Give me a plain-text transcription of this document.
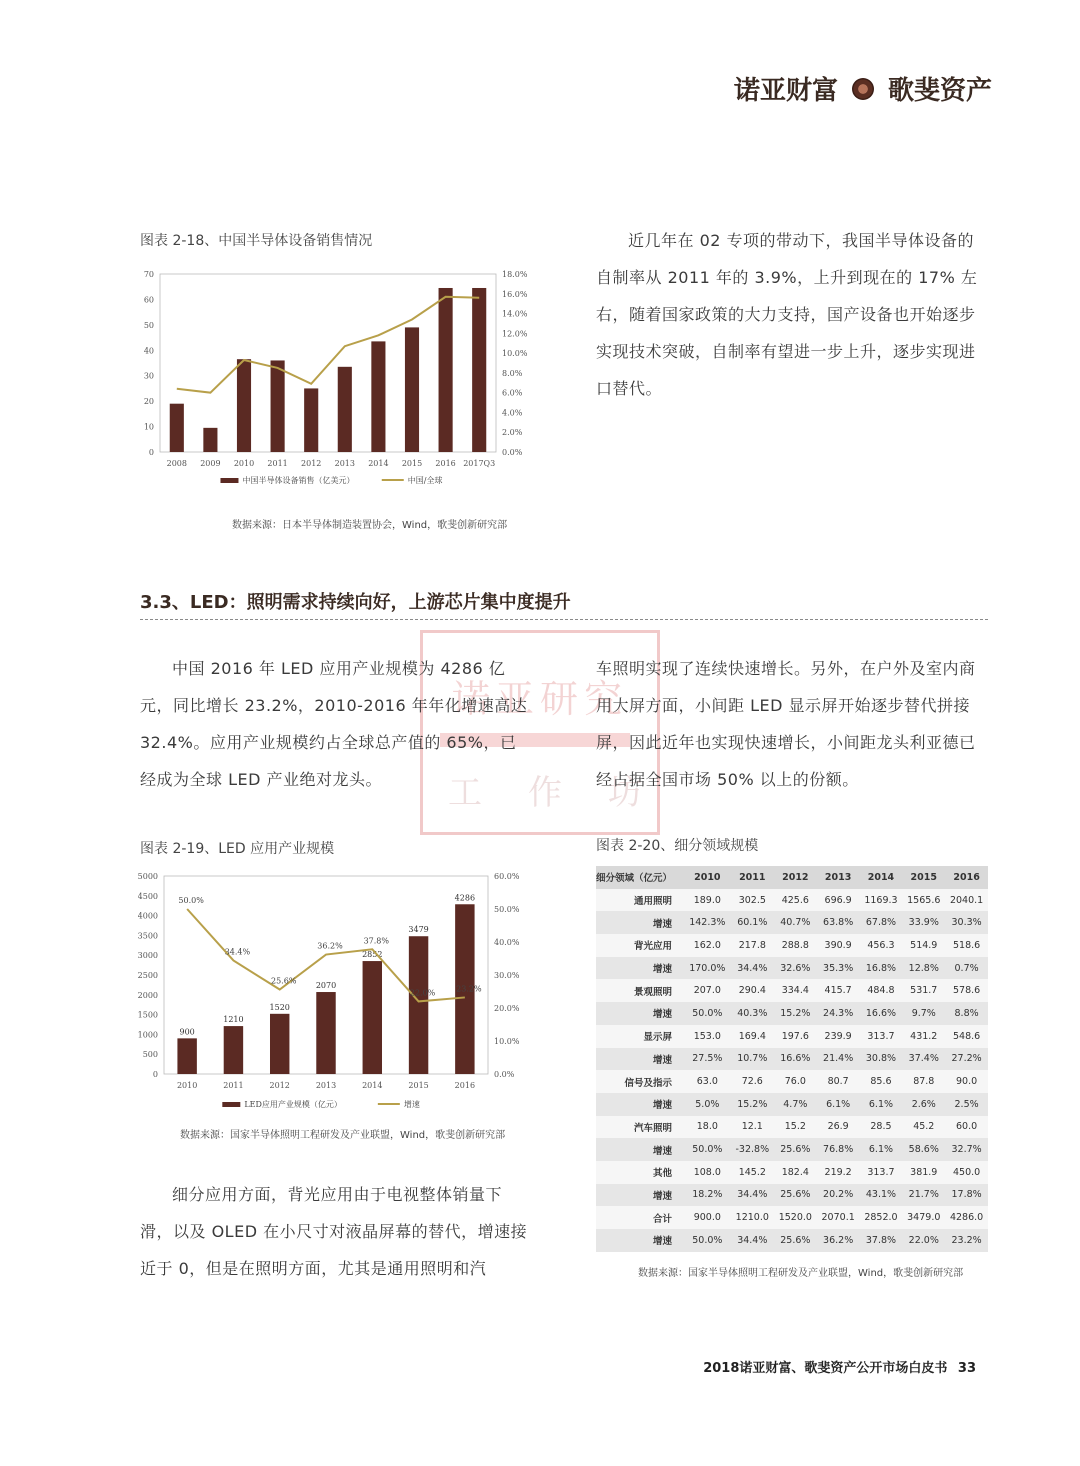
诺亚财富 歌斐资产
图表 2-18、中国半导体设备销售情况
0
10
20
30
40
50
60
70
0.0%
2.0%
4.0%
6.0%
8.0%
10.0%
12.0%
14.0%
16.0%
18.0%
2008 2009 2010 2011 2012 2013 2014 2015 2016 2017Q3
中国半导体设备销售（亿美元）	中国/全球
数据来源：日本半导体制造装置协会，Wind，歌斐创新研究部
近几年在 02 专项的带动下，我国半导体设备的自制率从 2011 年的 3.9%，上升到现在的 17% 左右，随着国家政策的大力支持，国产设备也开始逐步实现技术突破，自制率有望进一步上升，逐步实现进口替代。
3.3、LED：照明需求持续向好，上游芯片集中度提升
诺亚研究
工作坊
中国 2016 年 LED 应用产业规模为 4286 亿元，同比增长 23.2%，2010-2016 年年化增速高达 32.4%。应用产业规模约占全球总产值的 65%，已经成为全球 LED 产业绝对龙头。
车照明实现了连续快速增长。另外，在户外及室内商用大屏方面，小间距 LED 显示屏开始逐步替代拼接屏，因此近年也实现快速增长，小间距龙头利亚德已经占据全国市场 50% 以上的份额。
图表 2-19、LED 应用产业规模
0
500
1000
1500
2000
2500
3000
3500
4000
4500
5000
0.0%
10.0%
20.0%
30.0%
40.0%
50.0%
60.0%
2010
900
2011
1210
2012
1520
2013
2070
2014
2852
2015
3479
2016
4286
50.0%
34.4%
25.6%
36.2%
37.8%
22.0%	23.2%
LED应用产业规模（亿元）	增速
数据来源：国家半导体照明工程研发及产业联盟，Wind，歌斐创新研究部
细分应用方面，背光应用由于电视整体销量下滑，以及 OLED 在小尺寸对液晶屏幕的替代，增速接近于 0，但是在照明方面，尤其是通用照明和汽
图表 2-20、细分领域规模
细分领域（亿元）	2010	2011	2012	2013	2014	2015	2016
通用照明	189.0	302.5	425.6	696.9	1169.3	1565.6	2040.1
增速	142.3%	60.1%	40.7%	63.8%	67.8%	33.9%	30.3%
背光应用	162.0	217.8	288.8	390.9	456.3	514.9	518.6
增速	170.0%	34.4%	32.6%	35.3%	16.8%	12.8%	0.7%
景观照明	207.0	290.4	334.4	415.7	484.8	531.7	578.6
增速	50.0%	40.3%	15.2%	24.3%	16.6%	9.7%	8.8%
显示屏	153.0	169.4	197.6	239.9	313.7	431.2	548.6
增速	27.5%	10.7%	16.6%	21.4%	30.8%	37.4%	27.2%
信号及指示	63.0	72.6	76.0	80.7	85.6	87.8	90.0
增速	5.0%	15.2%	4.7%	6.1%	6.1%	2.6%	2.5%
汽车照明	18.0	12.1	15.2	26.9	28.5	45.2	60.0
增速	50.0%	-32.8%	25.6%	76.8%	6.1%	58.6%	32.7%
其他	108.0	145.2	182.4	219.2	313.7	381.9	450.0
增速	18.2%	34.4%	25.6%	20.2%	43.1%	21.7%	17.8%
合计	900.0	1210.0	1520.0	2070.1	2852.0	3479.0	4286.0
增速	50.0%	34.4%	25.6%	36.2%	37.8%	22.0%	23.2%
数据来源：国家半导体照明工程研发及产业联盟，Wind，歌斐创新研究部
2018诺亚财富、歌斐资产公开市场白皮书 33
